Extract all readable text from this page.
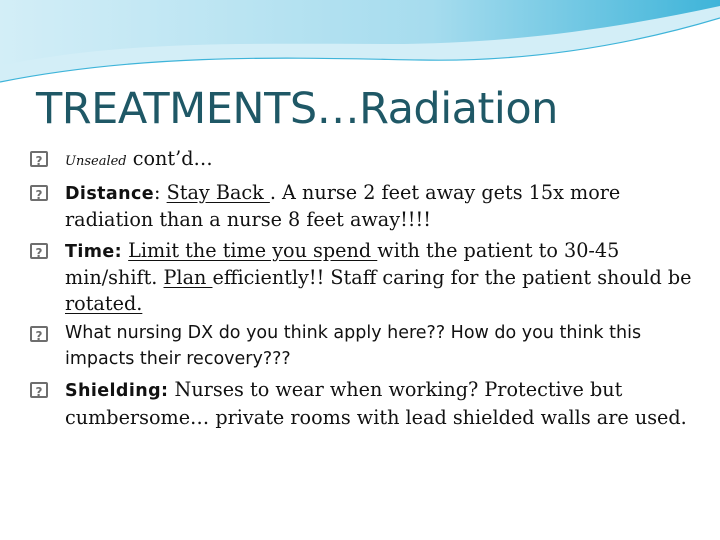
TREATMENTS…Radiation
?
Unsealed cont’d…
?
Distance: Stay Back . A nurse 2 feet away gets 15x more radiation than a nurse 8 feet away!!!!
?
Time: Limit the time you spend with the patient to 30-45 min/shift. Plan efficiently!! Staff caring for the patient should be rotated.
?
What nursing DX do you think apply here?? How do you think this impacts their recovery???
?
Shielding: Nurses to wear when working? Protective but cumbersome… private rooms with lead shielded walls are used.
